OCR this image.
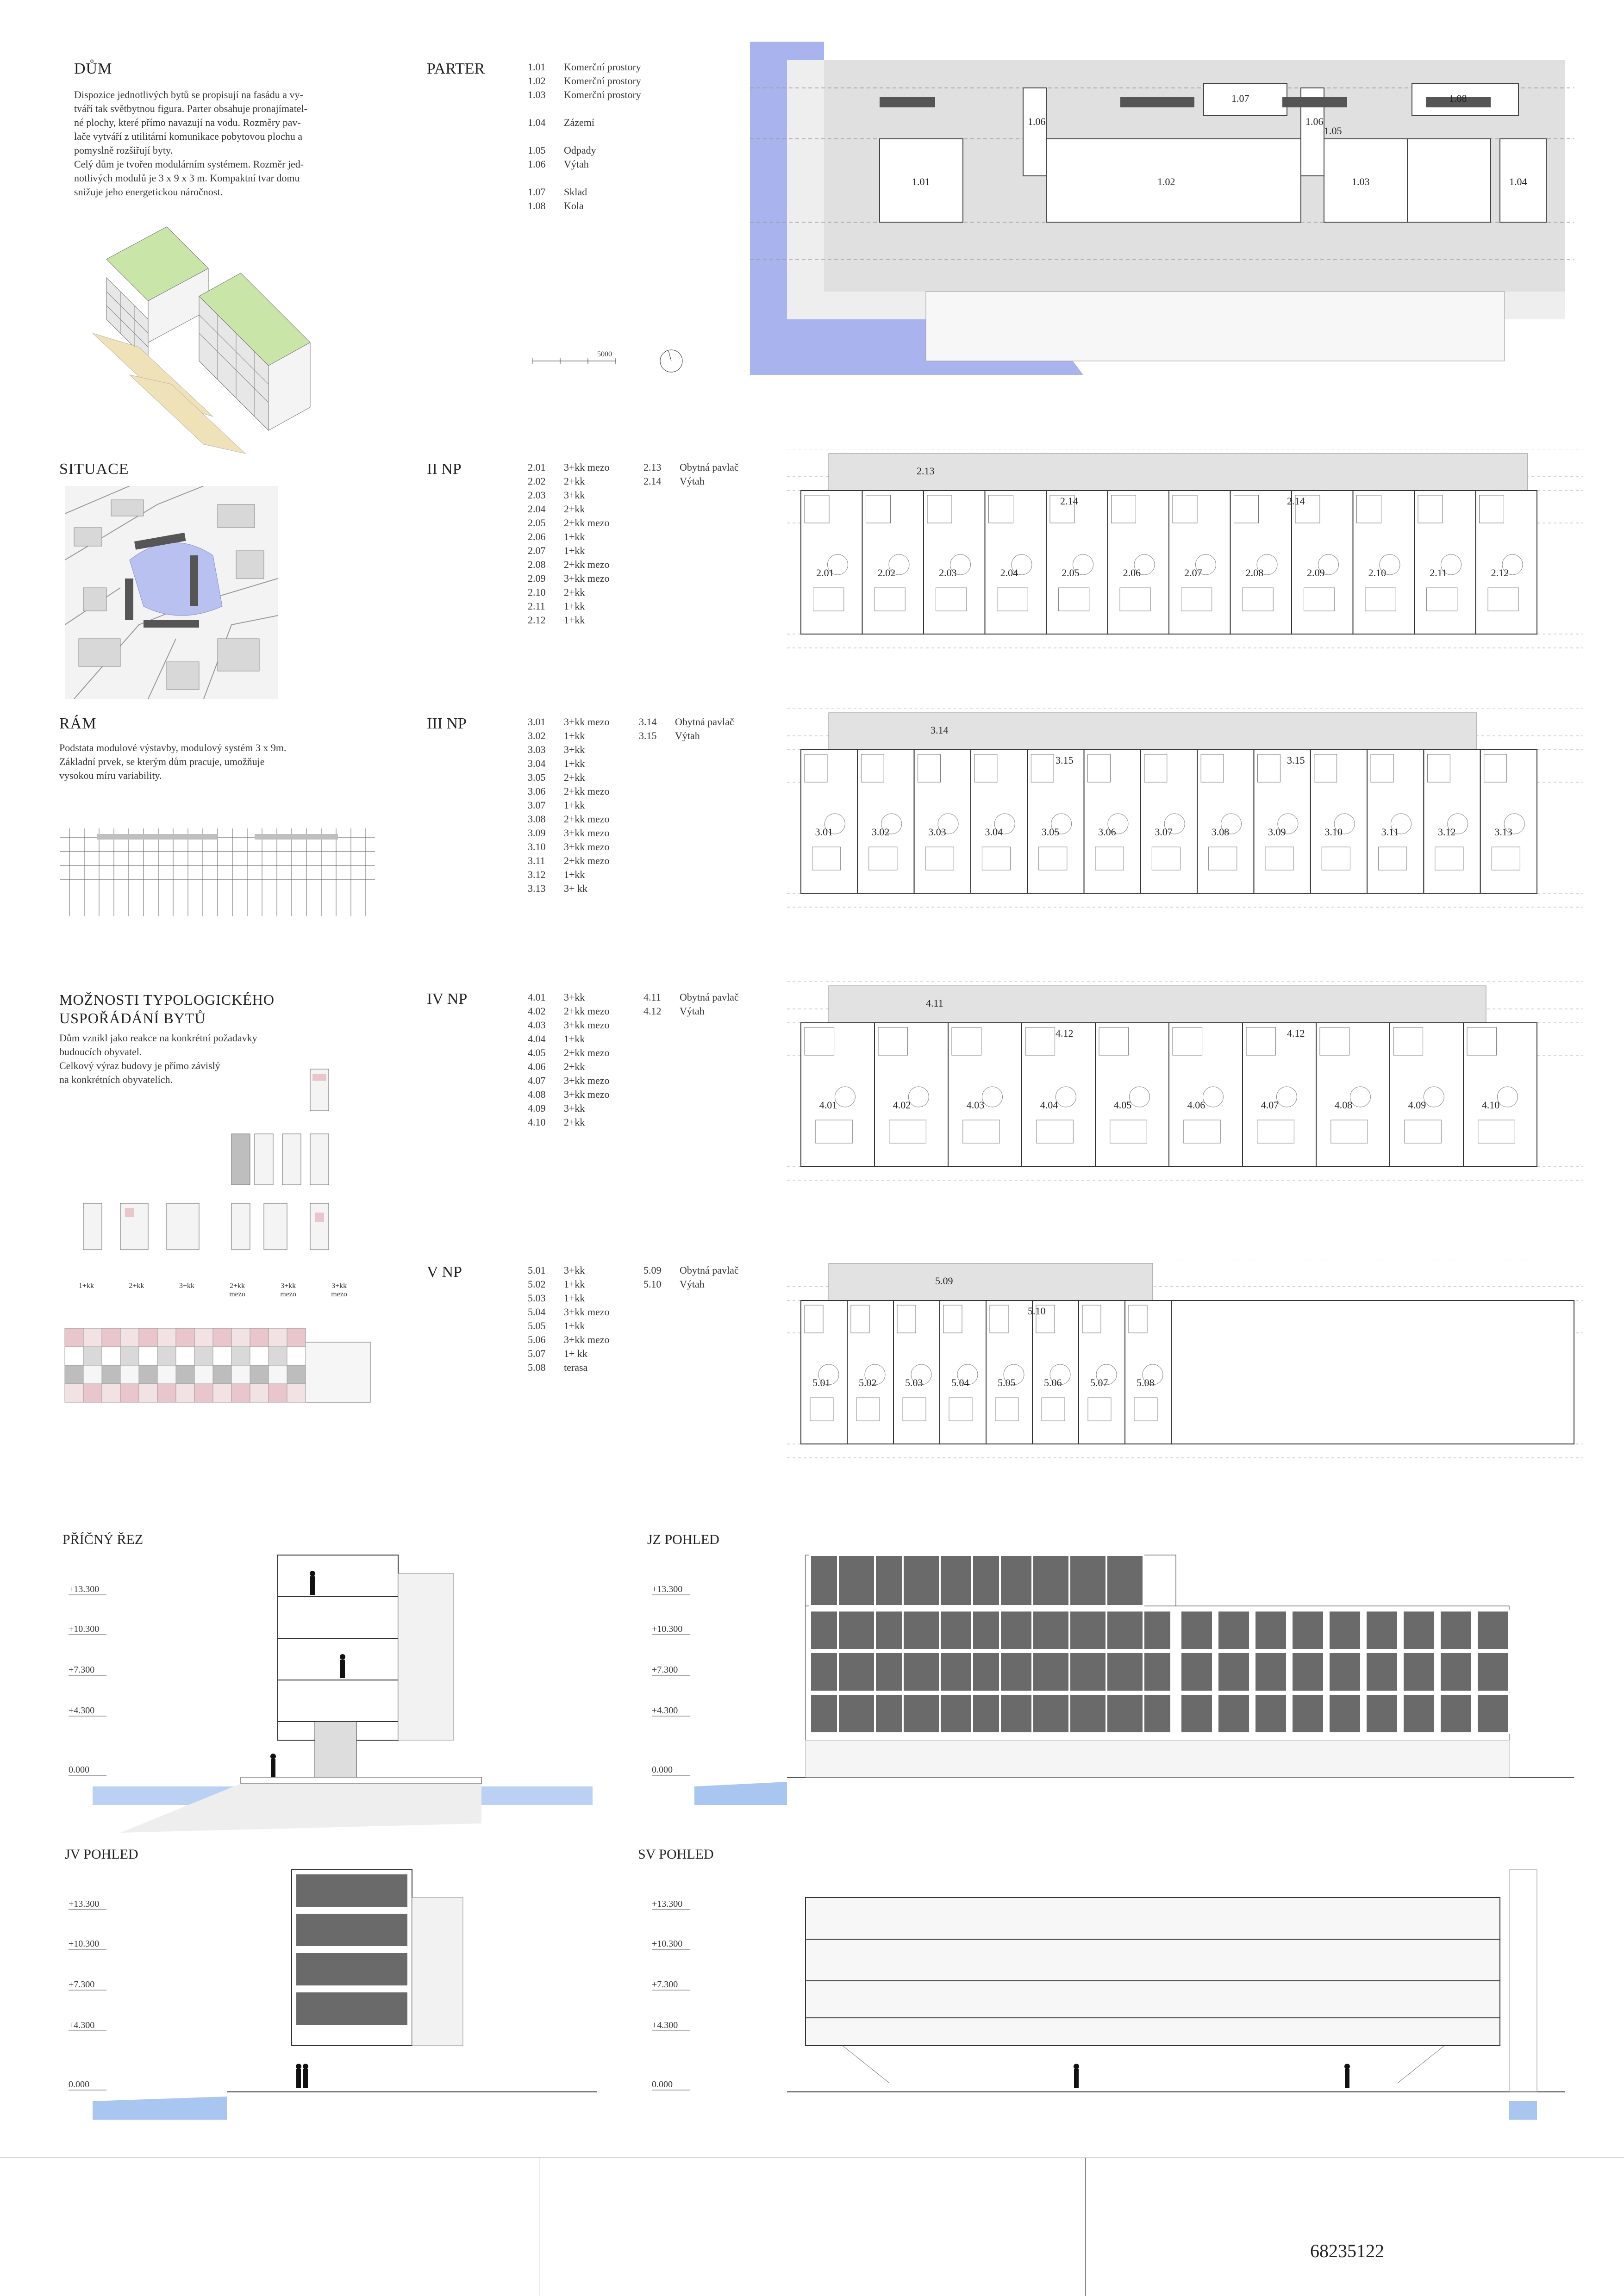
DŮM

Dispozice jednotlivých bytů se propisují na fasádu a vy-
tváří tak světbytnou figura. Parter obsahuje pronajímatel-
né plochy, které přímo navazují na vodu. Rozměry pav-
lače vytváří z utilitární komunikace pobytovou plochu a
pomyslně rozšiřují byty.
Celý dům je tvořen modulárním systémem. Rozměr jed-
notlivých modulů je 3 x 9 x 3 m. Kompaktní tvar domu
snižuje jeho energetickou náročnost.

SITUACE
RÁM

Podstata modulové výstavby, modulový systém 3 x 9m.
Základní prvek, se kterým dům pracuje, umožňuje
vysokou míru variability.

MOŽNOSTI TYPOLOGICKÉHO
USPOŘÁDÁNÍ BYTŮ

Dům vznikl jako reakce na konkrétní požadavky
budoucích obyvatel.
Celkový výraz budovy je přímo závislý
na konkrétních obyvatelích.

1+kk	2+kk	3+kk	2+kk
mezo
3+kk
mezo
3+kk
mezo
PARTER	1.01	Komerční prostory
1.02	Komerční prostory
1.03	Komerční prostory
1.04	Zázemí
1.05	Odpady
1.06	Výtah
1.07	Sklad
1.08	Kola
5000
2.01	3+kk mezo
2.02	2+kk
2.03	3+kk
2.04	2+kk
2.05	2+kk mezo
2.06	1+kk
2.07	1+kk
2.08	2+kk mezo
2.09	3+kk mezo
2.10	2+kk
2.11	1+kk
2.12	1+kk
2.13	Obytná pavlač
2.14	Výtah
II NP
3.01	3+kk mezo
3.02	1+kk
3.03	3+kk
3.04	1+kk
3.05	2+kk
3.06	2+kk mezo
3.07	1+kk
3.08	2+kk mezo
3.09	3+kk mezo
3.10	3+kk mezo
3.11	2+kk mezo
3.12	1+kk
3.13	3+ kk
3.14	Obytná pavlač
3.15	Výtah
III NP
4.01	3+kk
4.02	2+kk mezo
4.03	3+kk mezo
4.04	1+kk
4.05	2+kk mezo
4.06	2+kk
4.07	3+kk mezo
4.08	3+kk mezo
4.09	3+kk
4.10	2+kk
4.11	Obytná pavlač
4.12	Výtah
IV NP
5.01	3+kk
5.02	1+kk
5.03	1+kk
5.04	3+kk mezo
5.05	1+kk
5.06	3+kk mezo
5.07	1+ kk
5.08	terasa
5.09	Obytná pavlač
5.10	Výtah
V NP
1.01	1.02	1.03	1.04
1.05
1.06	1.06
1.07	1.08
2.01	2.02	2.03	2.04	2.05	2.06	2.07	2.08	2.09	2.10	2.11	2.12
2.13
2.14	2.14
3.01	3.02	3.03	3.04	3.05	3.06	3.07	3.08	3.09	3.10	3.11	3.12	3.13
3.14
3.15	3.15
4.01	4.02	4.03	4.04	4.05	4.06	4.07	4.08	4.09	4.10
4.11
4.12	4.12
5.01	5.02	5.03	5.04	5.05	5.06	5.07	5.08
5.09
5.10
PŘÍČNÝ ŘEZ	JZ POHLED
JV POHLED	SV POHLED
+13.300
+10.300
+7.300
+4.300
0.000
+13.300
+10.300
+7.300
+4.300
0.000
+13.300
+10.300
+7.300
+4.300
0.000
+13.300
+10.300
+7.300
+4.300
0.000
68235122
